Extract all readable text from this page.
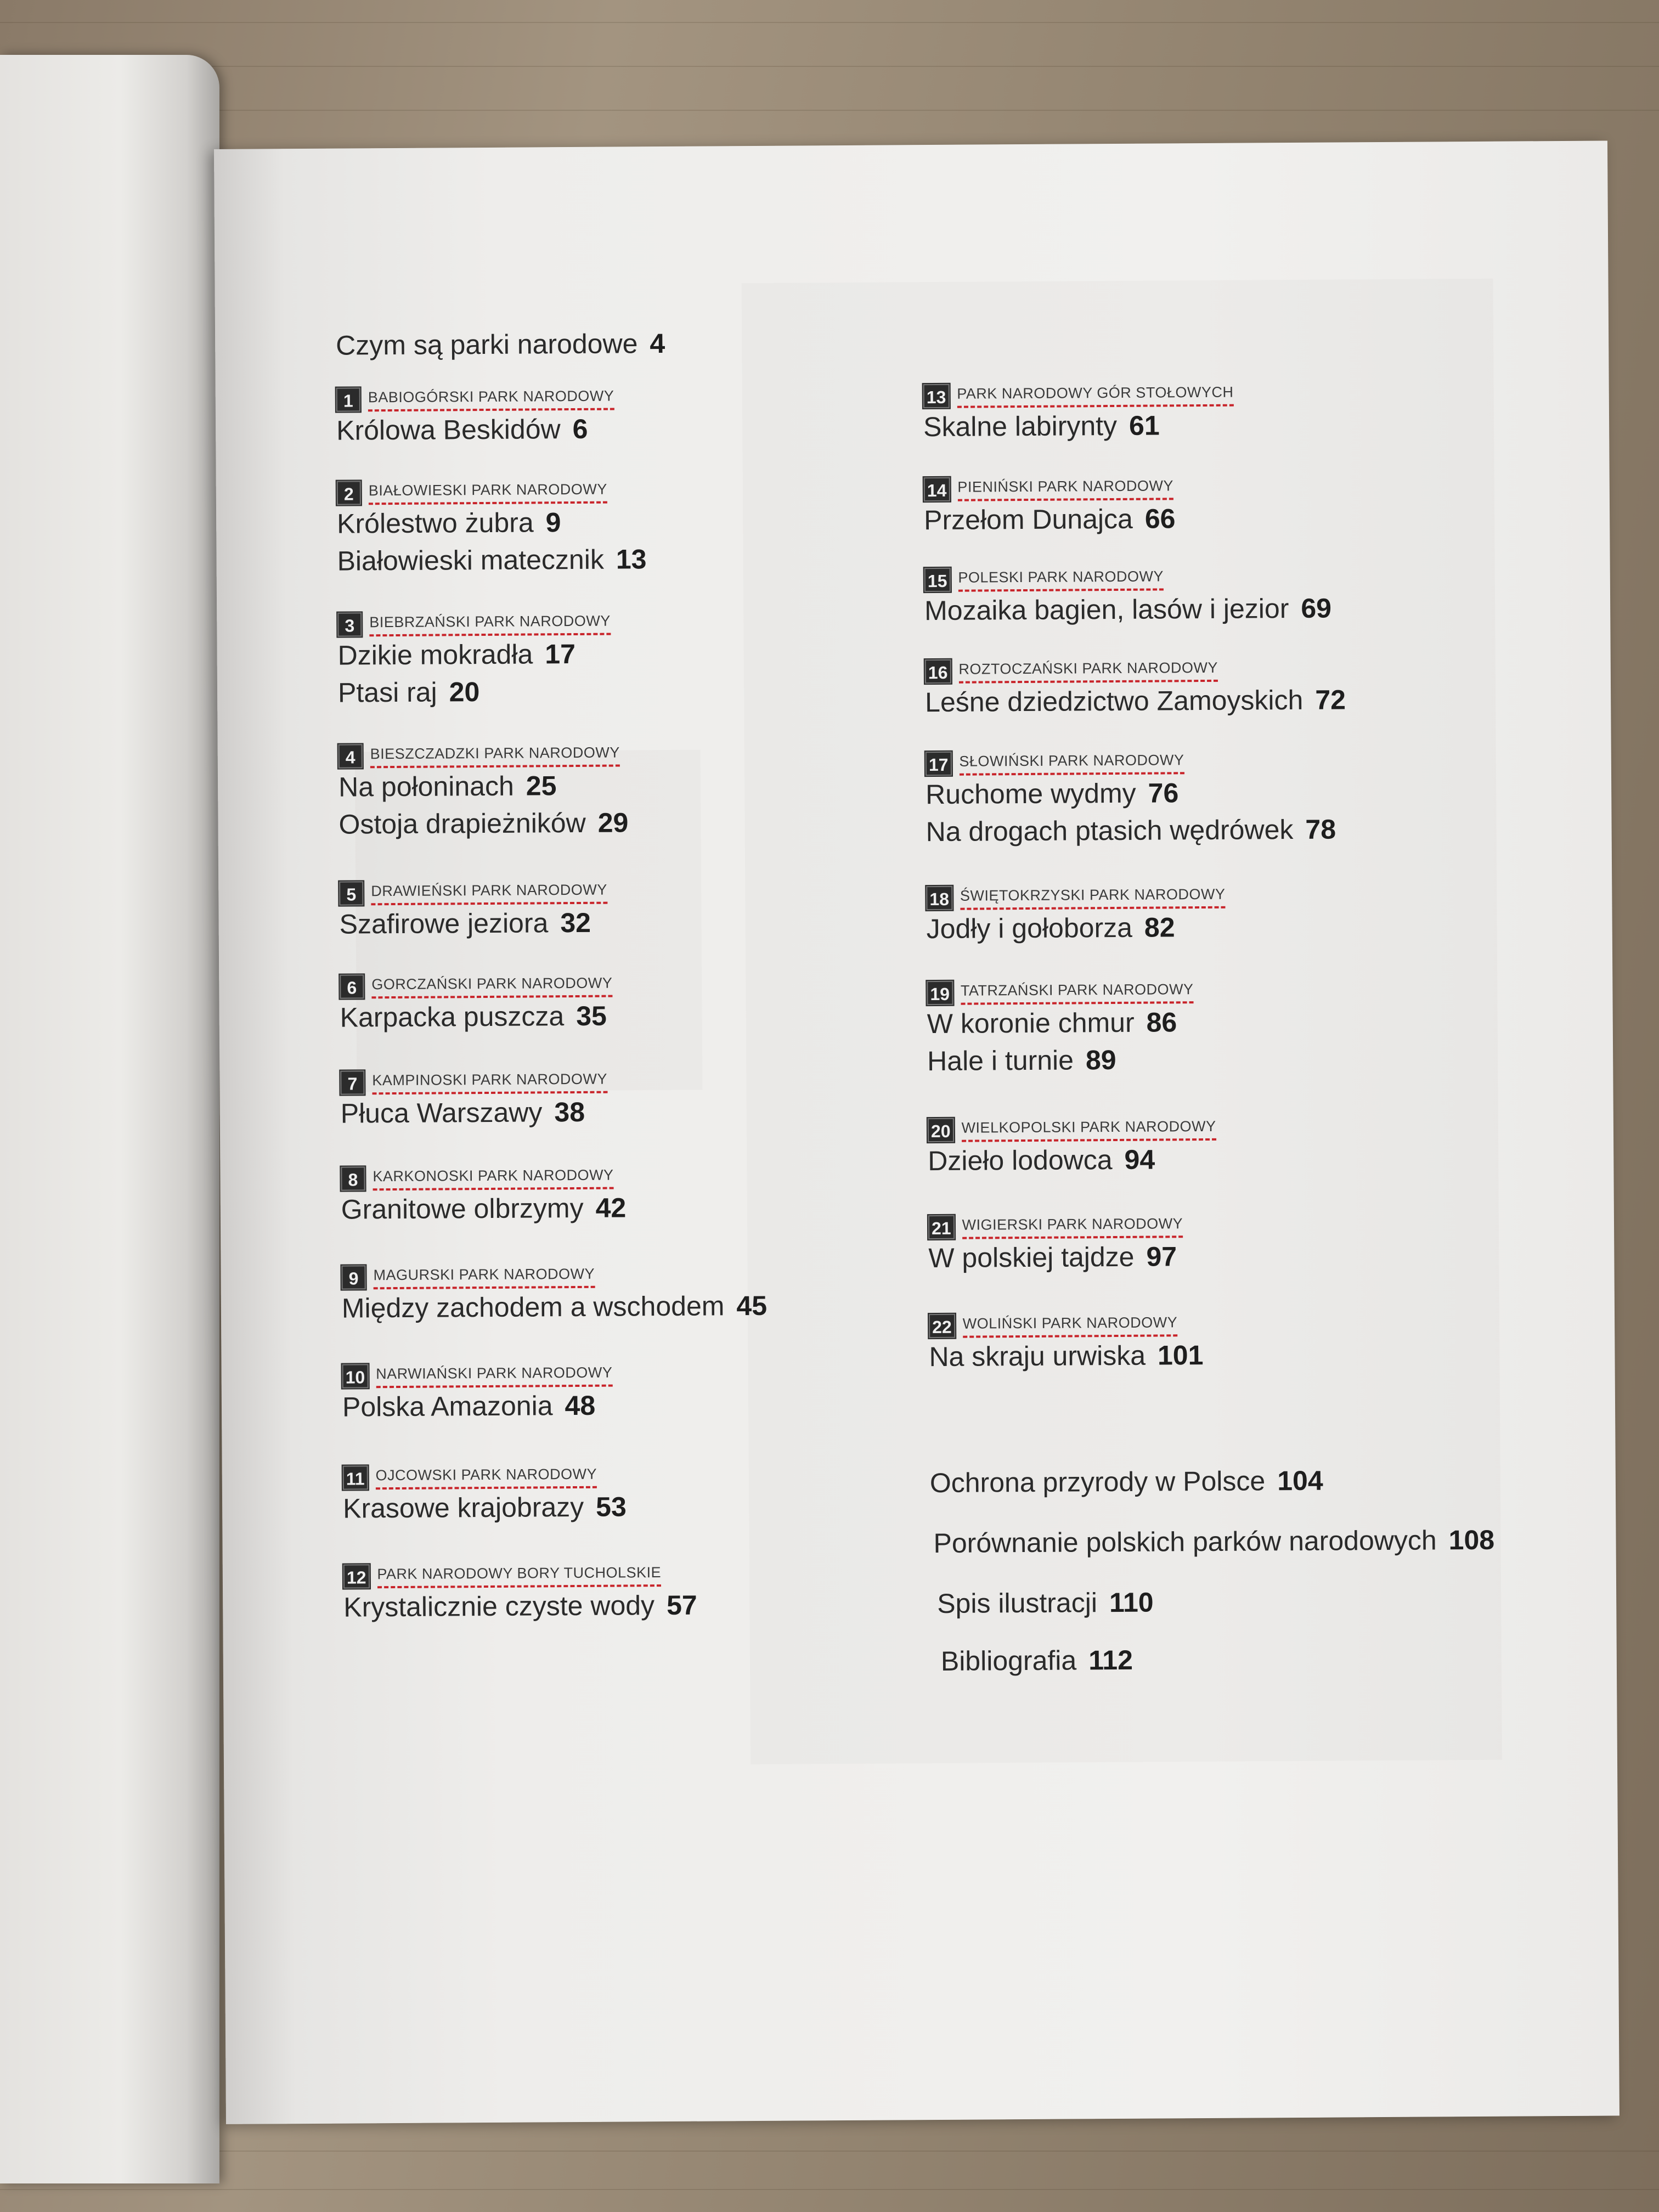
Czym są parki narodowe 4
1 BABIOGÓRSKI PARK NARODOWY
Królowa Beskidów 6
2 BIAŁOWIESKI PARK NARODOWY
Królestwo żubra 9
Białowieski matecznik 13
3 BIEBRZAŃSKI PARK NARODOWY
Dzikie mokradła 17
Ptasi raj 20
4 BIESZCZADZKI PARK NARODOWY
Na połoninach 25
Ostoja drapieżników 29
5 DRAWIEŃSKI PARK NARODOWY
Szafirowe jeziora 32
6 GORCZAŃSKI PARK NARODOWY
Karpacka puszcza 35
7 KAMPINOSKI PARK NARODOWY
Płuca Warszawy 38
8 KARKONOSKI PARK NARODOWY
Granitowe olbrzymy 42
9 MAGURSKI PARK NARODOWY
Między zachodem a wschodem 45
10 NARWIAŃSKI PARK NARODOWY
Polska Amazonia 48
11 OJCOWSKI PARK NARODOWY
Krasowe krajobrazy 53
12 PARK NARODOWY BORY TUCHOLSKIE
Krystalicznie czyste wody 57
13 PARK NARODOWY GÓR STOŁOWYCH
Skalne labirynty 61
14 PIENIŃSKI PARK NARODOWY
Przełom Dunajca 66
15 POLESKI PARK NARODOWY
Mozaika bagien, lasów i jezior 69
16 ROZTOCZAŃSKI PARK NARODOWY
Leśne dziedzictwo Zamoyskich 72
17 SŁOWIŃSKI PARK NARODOWY
Ruchome wydmy 76
Na drogach ptasich wędrówek 78
18 ŚWIĘTOKRZYSKI PARK NARODOWY
Jodły i gołoborza 82
19 TATRZAŃSKI PARK NARODOWY
W koronie chmur 86
Hale i turnie 89
20 WIELKOPOLSKI PARK NARODOWY
Dzieło lodowca 94
21 WIGIERSKI PARK NARODOWY
W polskiej tajdze 97
22 WOLIŃSKI PARK NARODOWY
Na skraju urwiska 101
Ochrona przyrody w Polsce 104
Porównanie polskich parków narodowych 108
Spis ilustracji 110
Bibliografia 112
